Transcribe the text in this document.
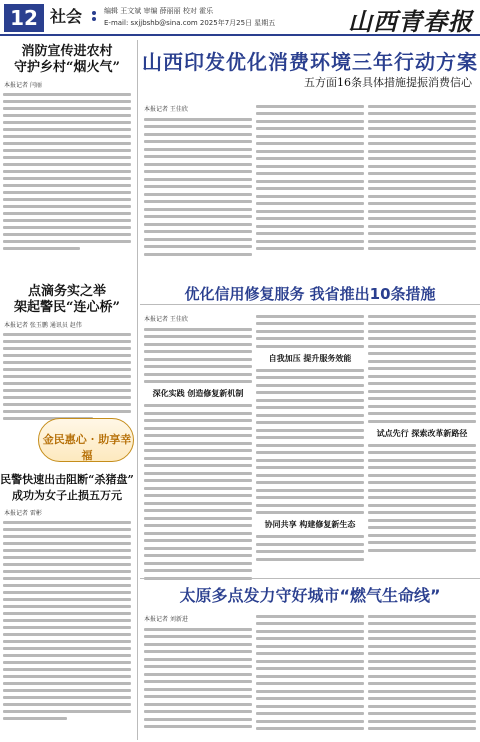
12 社会	编辑 王文斌 审编 薛丽丽 校对 霍乐
E-mail: sxjjbshb@sina.com 2025年7月25日 星期五	山西青春报
消防宣传进农村
守护乡村“烟火气”
本报记者 闫丽
点滴务实之举
架起警民“连心桥”
本报记者 张玉鹏 通讯员 赵伟
金民惠心 · 助享幸福
民警快速出击阻断“杀猪盘”
成功为女子止损五万元
本报记者 雷彬
山西印发优化消费环境三年行动方案
五方面16条具体措施提振消费信心
本报记者 王佳欣
优化信用修复服务 我省推出10条措施
本报记者 王佳欣
深化实践 创造修复新机制
自我加压 提升服务效能
协同共享 构建修复新生态
试点先行 探索改革新路径
太原多点发力守好城市“燃气生命线”
本报记者 刘新进
